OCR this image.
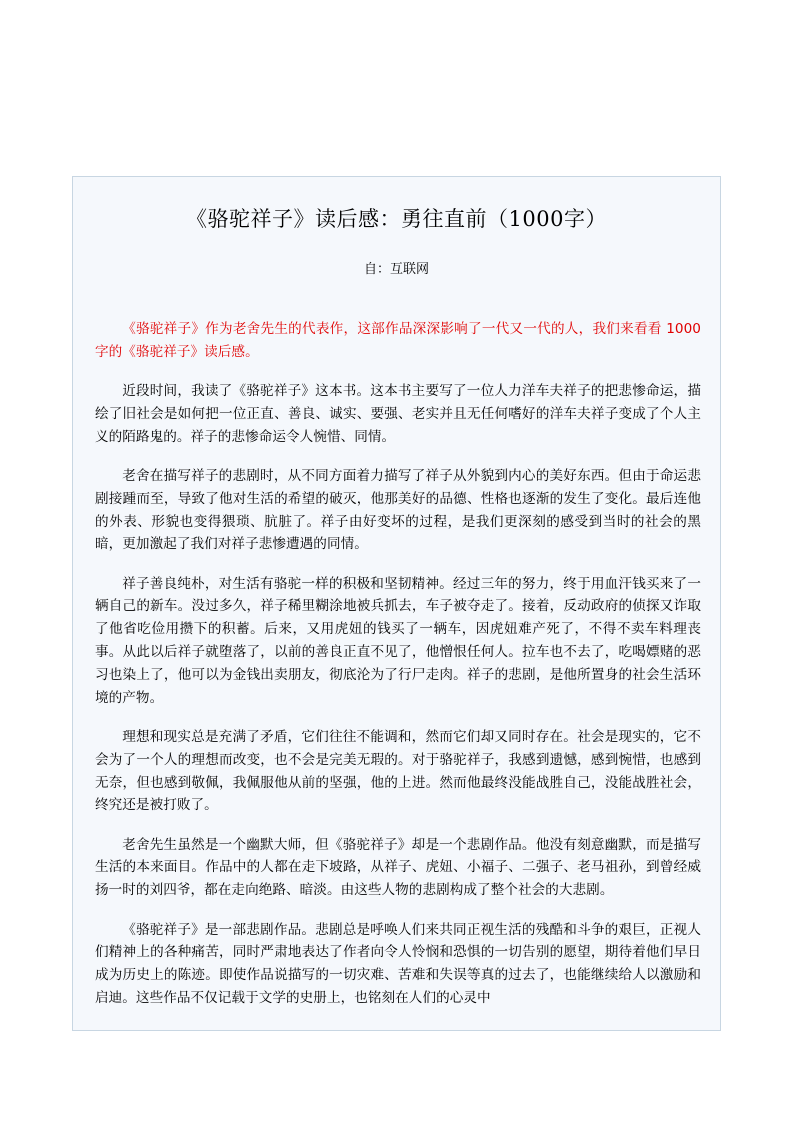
《骆驼祥子》读后感：勇往直前（1000字）
自：互联网

《骆驼祥子》作为老舍先生的代表作，这部作品深深影响了一代又一代的人，我们来看看 1000 字的《骆驼祥子》读后感。

近段时间，我读了《骆驼祥子》这本书。这本书主要写了一位人力洋车夫祥子的把悲惨命运，描绘了旧社会是如何把一位正直、善良、诚实、要强、老实并且无任何嗜好的洋车夫祥子变成了个人主义的陌路鬼的。祥子的悲惨命运令人惋惜、同情。

老舍在描写祥子的悲剧时，从不同方面着力描写了祥子从外貌到内心的美好东西。但由于命运悲剧接踵而至，导致了他对生活的希望的破灭，他那美好的品德、性格也逐渐的发生了变化。最后连他的外表、形貌也变得猥琐、肮脏了。祥子由好变坏的过程，是我们更深刻的感受到当时的社会的黑暗，更加激起了我们对祥子悲惨遭遇的同情。

祥子善良纯朴，对生活有骆驼一样的积极和坚韧精神。经过三年的努力，终于用血汗钱买来了一辆自己的新车。没过多久，祥子稀里糊涂地被兵抓去，车子被夺走了。接着，反动政府的侦探又诈取了他省吃俭用攒下的积蓄。后来，又用虎妞的钱买了一辆车，因虎妞难产死了，不得不卖车料理丧事。从此以后祥子就堕落了，以前的善良正直不见了，他憎恨任何人。拉车也不去了，吃喝嫖赌的恶习也染上了，他可以为金钱出卖朋友，彻底沦为了行尸走肉。祥子的悲剧，是他所置身的社会生活环境的产物。

理想和现实总是充满了矛盾，它们往往不能调和，然而它们却又同时存在。社会是现实的，它不会为了一个人的理想而改变，也不会是完美无瑕的。对于骆驼祥子，我感到遗憾，感到惋惜，也感到无奈，但也感到敬佩，我佩服他从前的坚强，他的上进。然而他最终没能战胜自己，没能战胜社会，终究还是被打败了。

老舍先生虽然是一个幽默大师，但《骆驼祥子》却是一个悲剧作品。他没有刻意幽默，而是描写生活的本来面目。作品中的人都在走下坡路，从祥子、虎妞、小福子、二强子、老马祖孙，到曾经威扬一时的刘四爷，都在走向绝路、暗淡。由这些人物的悲剧构成了整个社会的大悲剧。

《骆驼祥子》是一部悲剧作品。悲剧总是呼唤人们来共同正视生活的残酷和斗争的艰巨，正视人们精神上的各种痛苦，同时严肃地表达了作者向令人怜悯和恐惧的一切告别的愿望，期待着他们早日成为历史上的陈迹。即使作品说描写的一切灾难、苦难和失误等真的过去了，也能继续给人以激励和启迪。这些作品不仅记载于文学的史册上，也铭刻在人们的心灵中
